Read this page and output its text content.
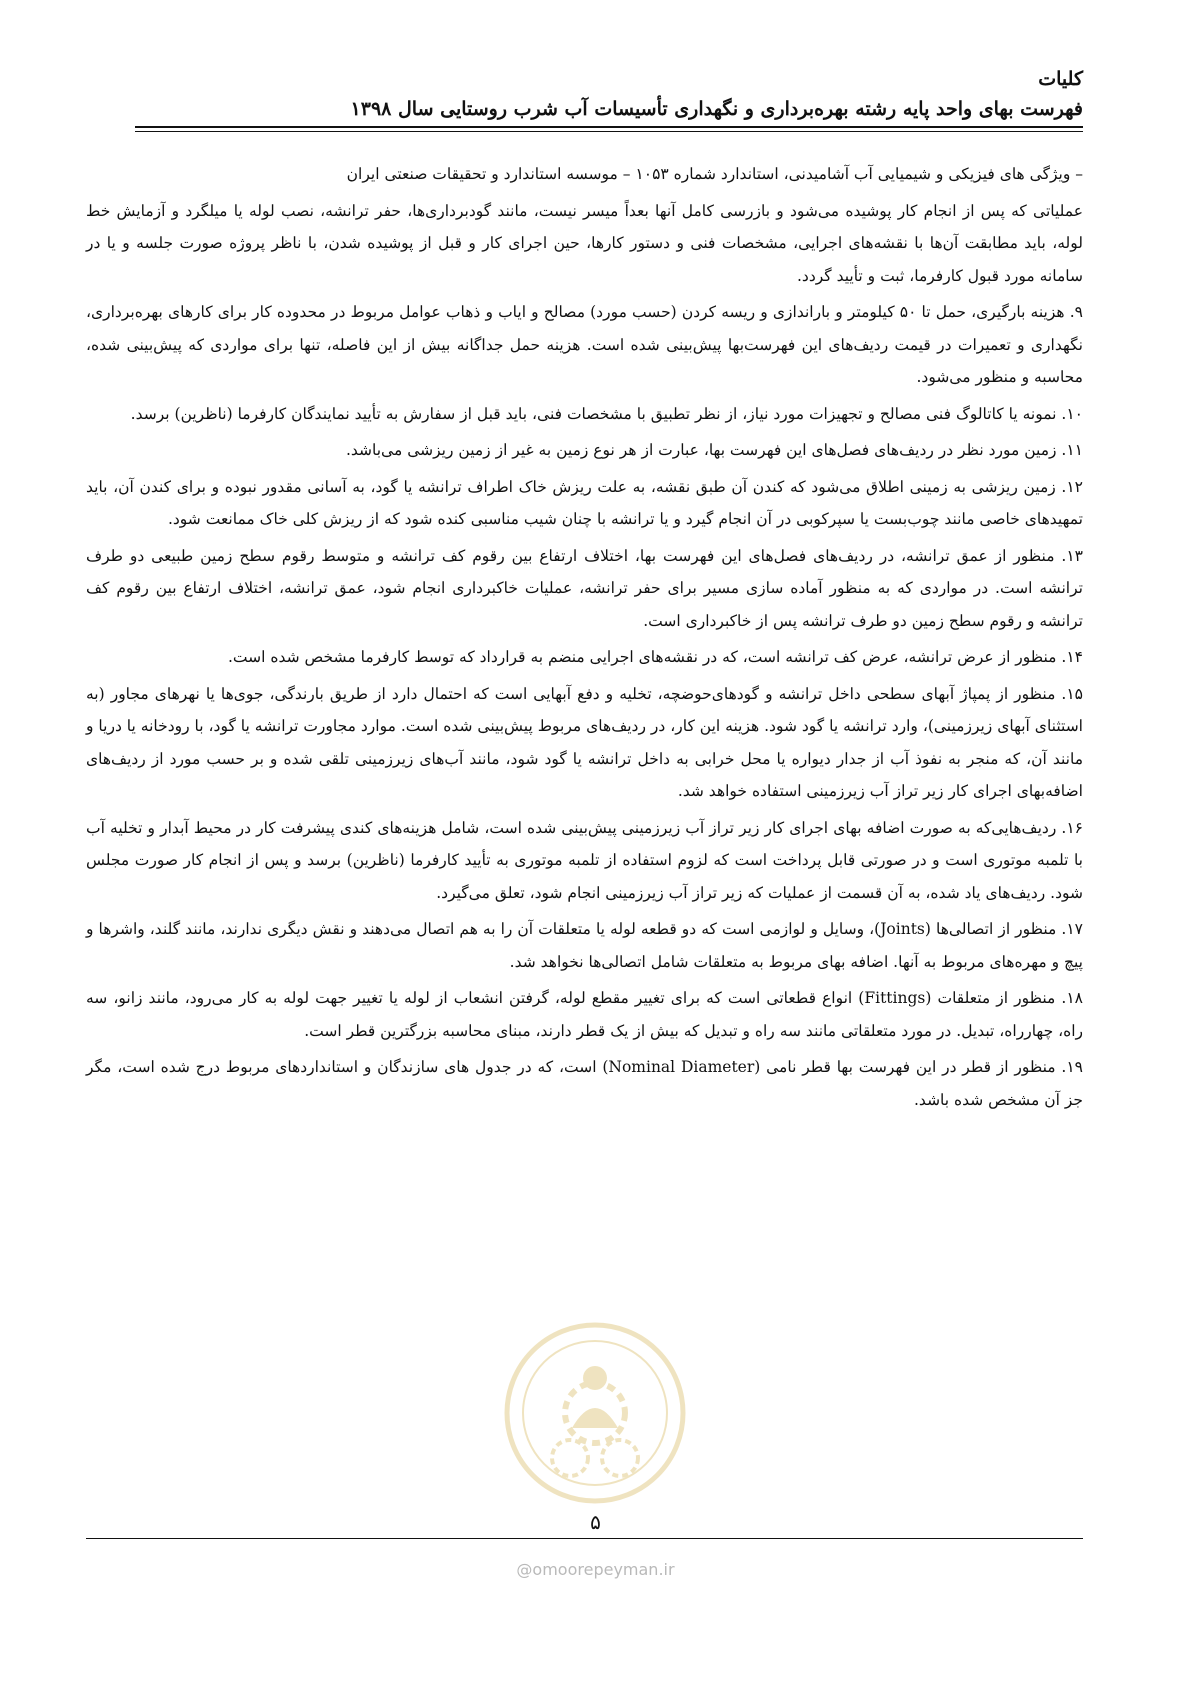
کلیات
فهرست بهای واحد پایه رشته بهره‌برداری و نگهداری تأسیسات آب شرب روستایی سال ۱۳۹۸

– ویژگی های فیزیکی و شیمیایی آب آشامیدنی، استاندارد شماره ۱۰۵۳ – موسسه استاندارد و تحقیقات صنعتی ایران

عملیاتی که پس از انجام کار پوشیده می‌شود و بازرسی کامل آنها بعداً میسر نیست، مانند گودبرداری‌ها، حفر ترانشه، نصب لوله یا میلگرد و آزمایش خط لوله، باید مطابقت آن‌ها با نقشه‌های اجرایی، مشخصات فنی و دستور کارها، حین اجرای کار و قبل از پوشیده شدن، با ناظر پروژه صورت جلسه و یا در سامانه مورد قبول کارفرما، ثبت و تأیید گردد.

۹. هزینه بارگیری، حمل تا ۵۰ کیلومتر و باراندازی و ریسه کردن (حسب مورد) مصالح و ایاب و ذهاب عوامل مربوط در محدوده کار برای کارهای بهره‌برداری، نگهداری و تعمیرات در قیمت ردیف‌های این فهرست‌بها پیش‌بینی شده است. هزینه حمل جداگانه بیش از این فاصله، تنها برای مواردی که پیش‌بینی شده، محاسبه و منظور می‌شود.

۱۰. نمونه یا کاتالوگ فنی مصالح و تجهیزات مورد نیاز، از نظر تطبیق با مشخصات فنی، باید قبل از سفارش به تأیید نمایندگان کارفرما (ناظرین) برسد.

۱۱. زمین مورد نظر در ردیف‌های فصل‌های این فهرست بها، عبارت از هر نوع زمین به غیر از زمین ریزشی می‌باشد.

۱۲. زمین ریزشی به زمینی اطلاق می‌شود که کندن آن طبق نقشه، به علت ریزش خاک اطراف ترانشه یا گود، به آسانی مقدور نبوده و برای کندن آن، باید تمهیدهای خاصی مانند چوب‌بست یا سپرکوبی در آن انجام گیرد و یا ترانشه با چنان شیب مناسبی کنده شود که از ریزش کلی خاک ممانعت شود.

۱۳. منظور از عمق ترانشه، در ردیف‌های فصل‌های این فهرست بها، اختلاف ارتفاع بین رقوم کف ترانشه و متوسط رقوم سطح زمین طبیعی دو طرف ترانشه است. در مواردی که به منظور آماده سازی مسیر برای حفر ترانشه، عملیات خاکبرداری انجام شود، عمق ترانشه، اختلاف ارتفاع بین رقوم کف ترانشه و رقوم سطح زمین دو طرف ترانشه پس از خاکبرداری است.

۱۴. منظور از عرض ترانشه، عرض کف ترانشه است، که در نقشه‌های اجرایی منضم به قرارداد که توسط کارفرما مشخص شده است.

۱۵. منظور از پمپاژ آبهای سطحی داخل ترانشه و گودهای‌حوضچه، تخلیه و دفع آبهایی است که احتمال دارد از طریق بارندگی، جوی‌ها یا نهرهای مجاور (به استثنای آبهای زیرزمینی)، وارد ترانشه یا گود شود. هزینه این کار، در ردیف‌های مربوط پیش‌بینی شده است. موارد مجاورت ترانشه یا گود، با رودخانه یا دریا و مانند آن، که منجر به نفوذ آب از جدار دیواره یا محل خرابی به داخل ترانشه یا گود شود، مانند آب‌های زیرزمینی تلقی شده و بر حسب مورد از ردیف‌های اضافه‌بهای اجرای کار زیر تراز آب زیرزمینی استفاده خواهد شد.

۱۶. ردیف‌هایی‌که به صورت اضافه بهای اجرای کار زیر تراز آب زیرزمینی پیش‌بینی شده است، شامل هزینه‌های کندی پیشرفت کار در محیط آبدار و تخلیه آب با تلمبه موتوری است و در صورتی قابل پرداخت است که لزوم استفاده از تلمبه موتوری به تأیید کارفرما (ناظرین) برسد و پس از انجام کار صورت مجلس شود. ردیف‌های یاد شده، به آن قسمت از عملیات که زیر تراز آب زیرزمینی انجام شود، تعلق می‌گیرد.

۱۷. منظور از اتصالی‌ها (Joints)، وسایل و لوازمی است که دو قطعه لوله یا متعلقات آن را به هم اتصال می‌دهند و نقش دیگری ندارند، مانند گلند، واشرها و پیچ و مهره‌های مربوط به آنها. اضافه بهای مربوط به متعلقات شامل اتصالی‌ها نخواهد شد.

۱۸. منظور از متعلقات (Fittings) انواع قطعاتی است که برای تغییر مقطع لوله، گرفتن انشعاب از لوله یا تغییر جهت لوله به کار می‌رود، مانند زانو، سه راه، چهارراه، تبدیل. در مورد متعلقاتی مانند سه راه و تبدیل که بیش از یک قطر دارند، مبنای محاسبه بزرگترین قطر است.

۱۹. منظور از قطر در این فهرست بها قطر نامی (Nominal Diameter) است، که در جدول های سازندگان و استانداردهای مربوط درج شده است، مگر جز آن مشخص شده باشد.

۵
@omoorepeyman.ir
